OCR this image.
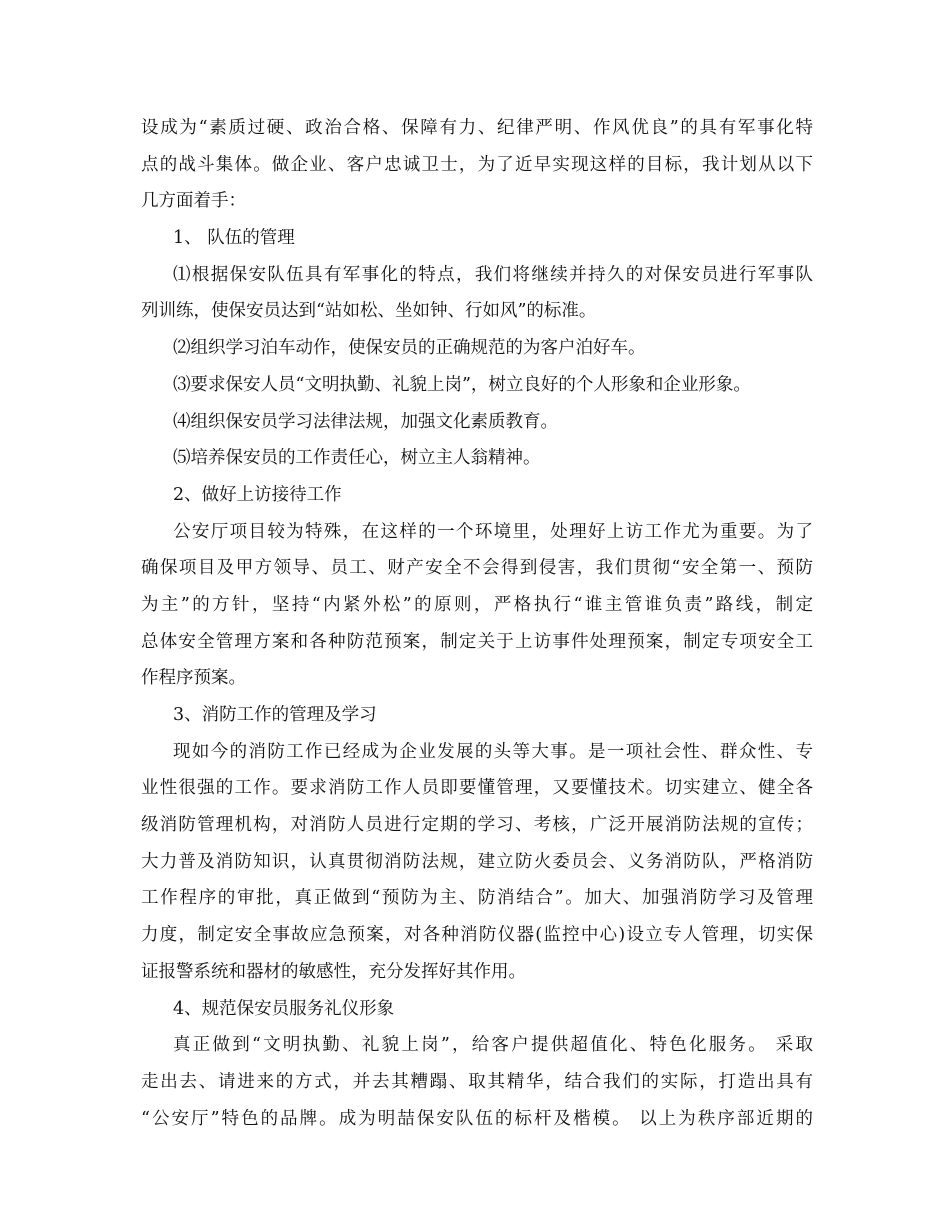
设成为“素质过硬、政治合格、保障有力、纪律严明、作风优良”的具有军事化特
点的战斗集体。做企业、客户忠诚卫士，为了近早实现这样的目标，我计划从以下
几方面着手：
1、 队伍的管理
⑴根据保安队伍具有军事化的特点，我们将继续并持久的对保安员进行军事队
列训练，使保安员达到“站如松、坐如钟、行如风”的标准。
⑵组织学习泊车动作，使保安员的正确规范的为客户泊好车。
⑶要求保安人员“文明执勤、礼貌上岗”，树立良好的个人形象和企业形象。
⑷组织保安员学习法律法规，加强文化素质教育。
⑸培养保安员的工作责任心，树立主人翁精神。
2、做好上访接待工作
公安厅项目较为特殊，在这样的一个环境里，处理好上访工作尤为重要。为了
确保项目及甲方领导、员工、财产安全不会得到侵害，我们贯彻“安全第一、预防
为主”的方针，坚持“内紧外松”的原则，严格执行“谁主管谁负责”路线，制定
总体安全管理方案和各种防范预案，制定关于上访事件处理预案，制定专项安全工
作程序预案。
3、消防工作的管理及学习
现如今的消防工作已经成为企业发展的头等大事。是一项社会性、群众性、专
业性很强的工作。要求消防工作人员即要懂管理，又要懂技术。切实建立、健全各
级消防管理机构，对消防人员进行定期的学习、考核，广泛开展消防法规的宣传；
大力普及消防知识，认真贯彻消防法规，建立防火委员会、义务消防队，严格消防
工作程序的审批，真正做到“预防为主、防消结合”。加大、加强消防学习及管理
力度，制定安全事故应急预案，对各种消防仪器(监控中心)设立专人管理，切实保
证报警系统和器材的敏感性，充分发挥好其作用。
4、规范保安员服务礼仪形象
真正做到“文明执勤、礼貌上岗”，给客户提供超值化、特色化服务。 采取
走出去、请进来的方式，并去其糟蹋、取其精华，结合我们的实际，打造出具有
“公安厅”特色的品牌。成为明喆保安队伍的标杆及楷模。 以上为秩序部近期的
